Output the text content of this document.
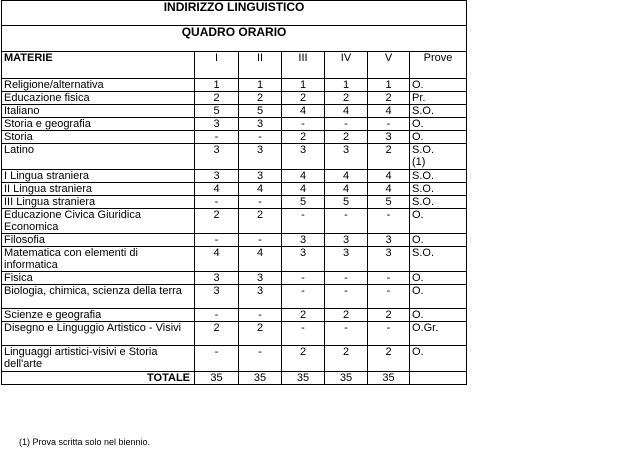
INDIRIZZO LINGUISTICO						
QUADRO ORARIO						
MATERIE	I	II	III	IV	V	Prove
Religione/alternativa	1	1	1	1	1	O.
Educazione fisica	2	2	2	2	2	Pr.
Italiano	5	5	4	4	4	S.O.
Storia e geografia	3	3	-	-	-	O.
Storia	-	-	2	2	3	O.
Latino	3	3	3	3	2	S.O.
(1)
I Lingua straniera	3	3	4	4	4	S.O.
II Lingua straniera	4	4	4	4	4	S.O.
III Lingua straniera	-	-	5	5	5	S.O.
Educazione Civica Giuridica Economica	2	2	-	-	-	O.
Filosofia	-	-	3	3	3	O.
Matematica con elementi di informatica	4	4	3	3	3	S.O.
Fisica	3	3	-	-	-	O.
Biologia, chimica, scienza della terra	3	3	-	-	-	O.
Scienze e geografia	-	-	2	2	2	O.
Disegno e Linguggio Artistico - Visivi	2	2	-	-	-	O.Gr.
Linguaggi artistici-visivi e Storia dell'arte	-	-	2	2	2	O.
TOTALE	35	35	35	35	35	
(1) Prova scritta solo nel biennio.
